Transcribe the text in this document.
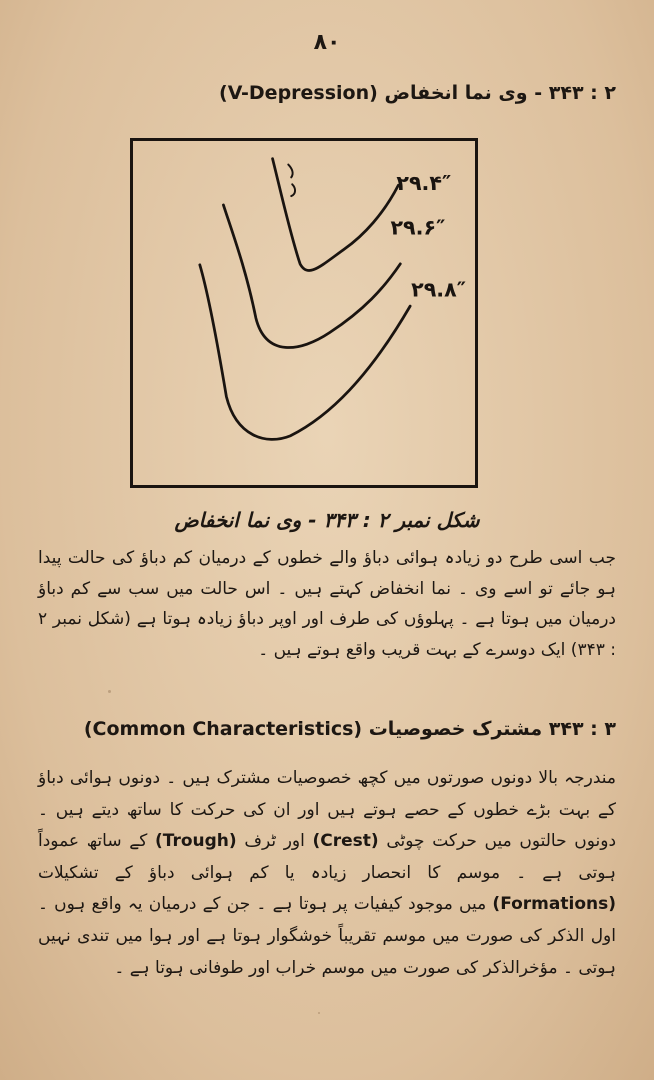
۸۰
۲ : ۳۴۳ - وی نما انخفاض (V-Depression)
۲۹.۴″
۲۹.۶″
۲۹.۸″
شکل نمبر ۲ : ۳۴۳ - وی نما انخفاض
جب اسی طرح دو زیادہ ہوائی دباؤ والے خطوں کے درمیان کم دباؤ کی حالت پیدا ہو جائے تو اسے وی ۔ نما انخفاض کہتے ہیں ۔ اس حالت میں سب سے کم دباؤ درمیان میں ہوتا ہے ۔ پہلوؤں کی طرف اور اوپر دباؤ زیادہ ہوتا ہے (شکل نمبر ۲ : ۳۴۳) ایک دوسرے کے بہت قریب واقع ہوتے ہیں ۔
۳ : ۳۴۳ مشترک خصوصیات (Common Characteristics)
مندرجہ بالا دونوں صورتوں میں کچھ خصوصیات مشترک ہیں ۔ دونوں ہوائی دباؤ کے بہت بڑے خطوں کے حصے ہوتے ہیں اور ان کی حرکت کا ساتھ دیتے ہیں ۔ دونوں حالتوں میں حرکت چوٹی (Crest) اور ٹرف (Trough) کے ساتھ عموداً ہوتی ہے ۔ موسم کا انحصار زیادہ یا کم ہوائی دباؤ کے تشکیلات (Formations) میں موجود کیفیات پر ہوتا ہے ۔ جن کے درمیان یہ واقع ہوں ۔ اول الذکر کی صورت میں موسم تقریباً خوشگوار ہوتا ہے اور ہوا میں تندی نہیں ہوتی ۔ مؤخرالذکر کی صورت میں موسم خراب اور طوفانی ہوتا ہے ۔
